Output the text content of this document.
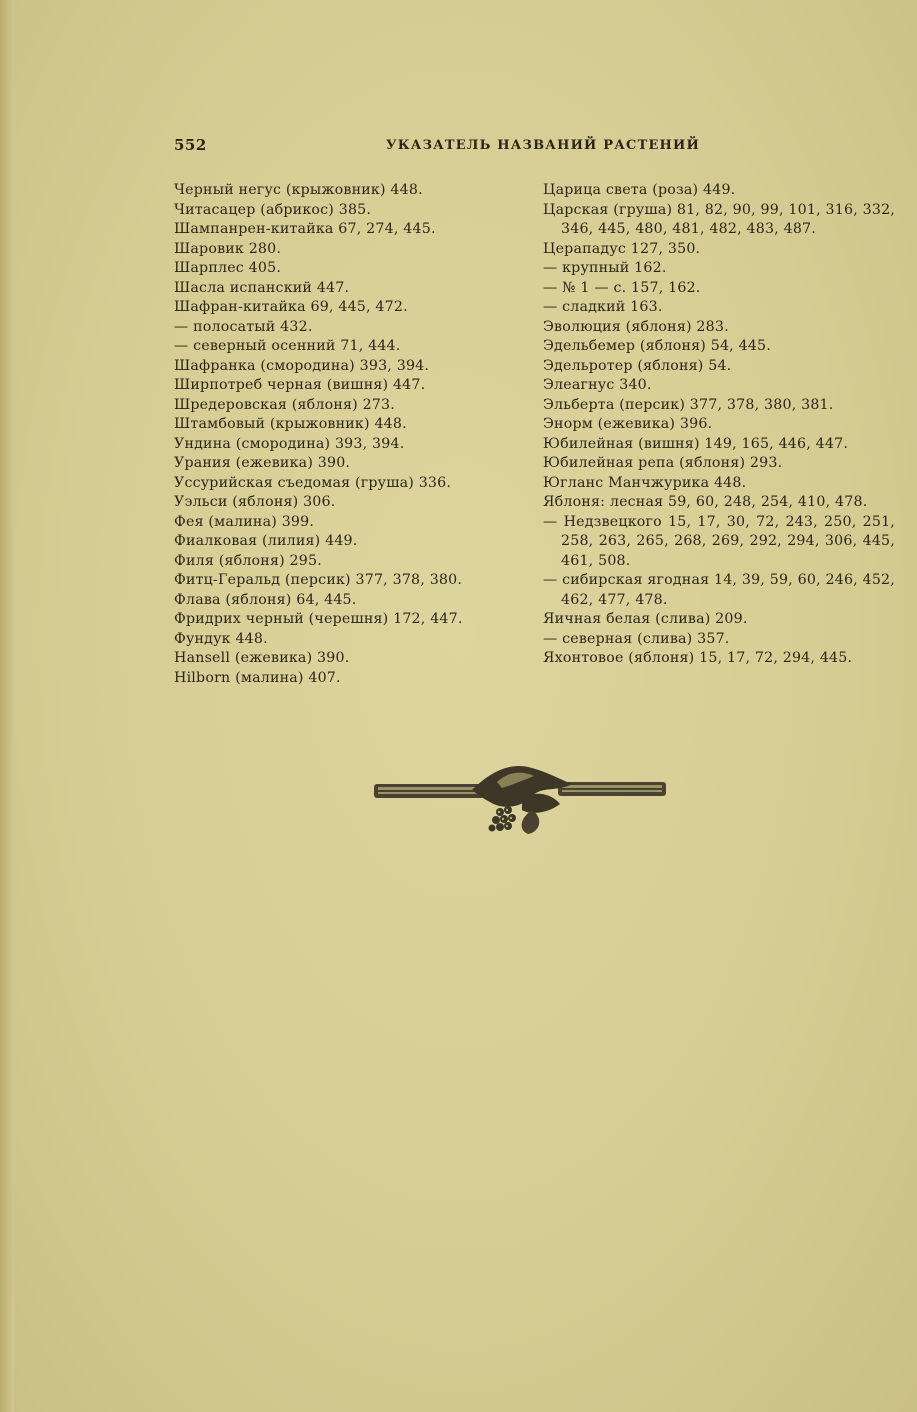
552	УКАЗАТЕЛЬ НАЗВАНИЙ РАСТЕНИЙ
Черный негус (крыжовник) 448.
Читасацер (абрикос) 385.
Шампанрен-китайка 67, 274, 445.
Шаровик 280.
Шарплес 405.
Шасла испанский 447.
Шафран-китайка 69, 445, 472.
— полосатый 432.
— северный осенний 71, 444.
Шафранка (смородина) 393, 394.
Ширпотреб черная (вишня) 447.
Шредеровская (яблоня) 273.
Штамбовый (крыжовник) 448.
Ундина (смородина) 393, 394.
Урания (ежевика) 390.
Уссурийская съедомая (груша) 336.
Уэльси (яблоня) 306.
Фея (малина) 399.
Фиалковая (лилия) 449.
Филя (яблоня) 295.
Фитц-Геральд (персик) 377, 378, 380.
Флава (яблоня) 64, 445.
Фридрих черный (черешня) 172, 447.
Фундук 448.
Hansell (ежевика) 390.
Hilborn (малина) 407.
Царица света (роза) 449.
Царская (груша) 81, 82, 90, 99, 101, 316, 332, 346, 445, 480, 481, 482, 483, 487.
Церападус 127, 350.
— крупный 162.
— № 1 — с. 157, 162.
— сладкий 163.
Эволюция (яблоня) 283.
Эдельбемер (яблоня) 54, 445.
Эдельротер (яблоня) 54.
Элеагнус 340.
Эльберта (персик) 377, 378, 380, 381.
Энорм (ежевика) 396.
Юбилейная (вишня) 149, 165, 446, 447.
Юбилейная репа (яблоня) 293.
Югланс Манчжурика 448.
Яблоня: лесная 59, 60, 248, 254, 410, 478.
— Недзвецкого 15, 17, 30, 72, 243, 250, 251, 258, 263, 265, 268, 269, 292, 294, 306, 445, 461, 508.
— сибирская ягодная 14, 39, 59, 60, 246, 452, 462, 477, 478.
Яичная белая (слива) 209.
— северная (слива) 357.
Яхонтовое (яблоня) 15, 17, 72, 294, 445.
